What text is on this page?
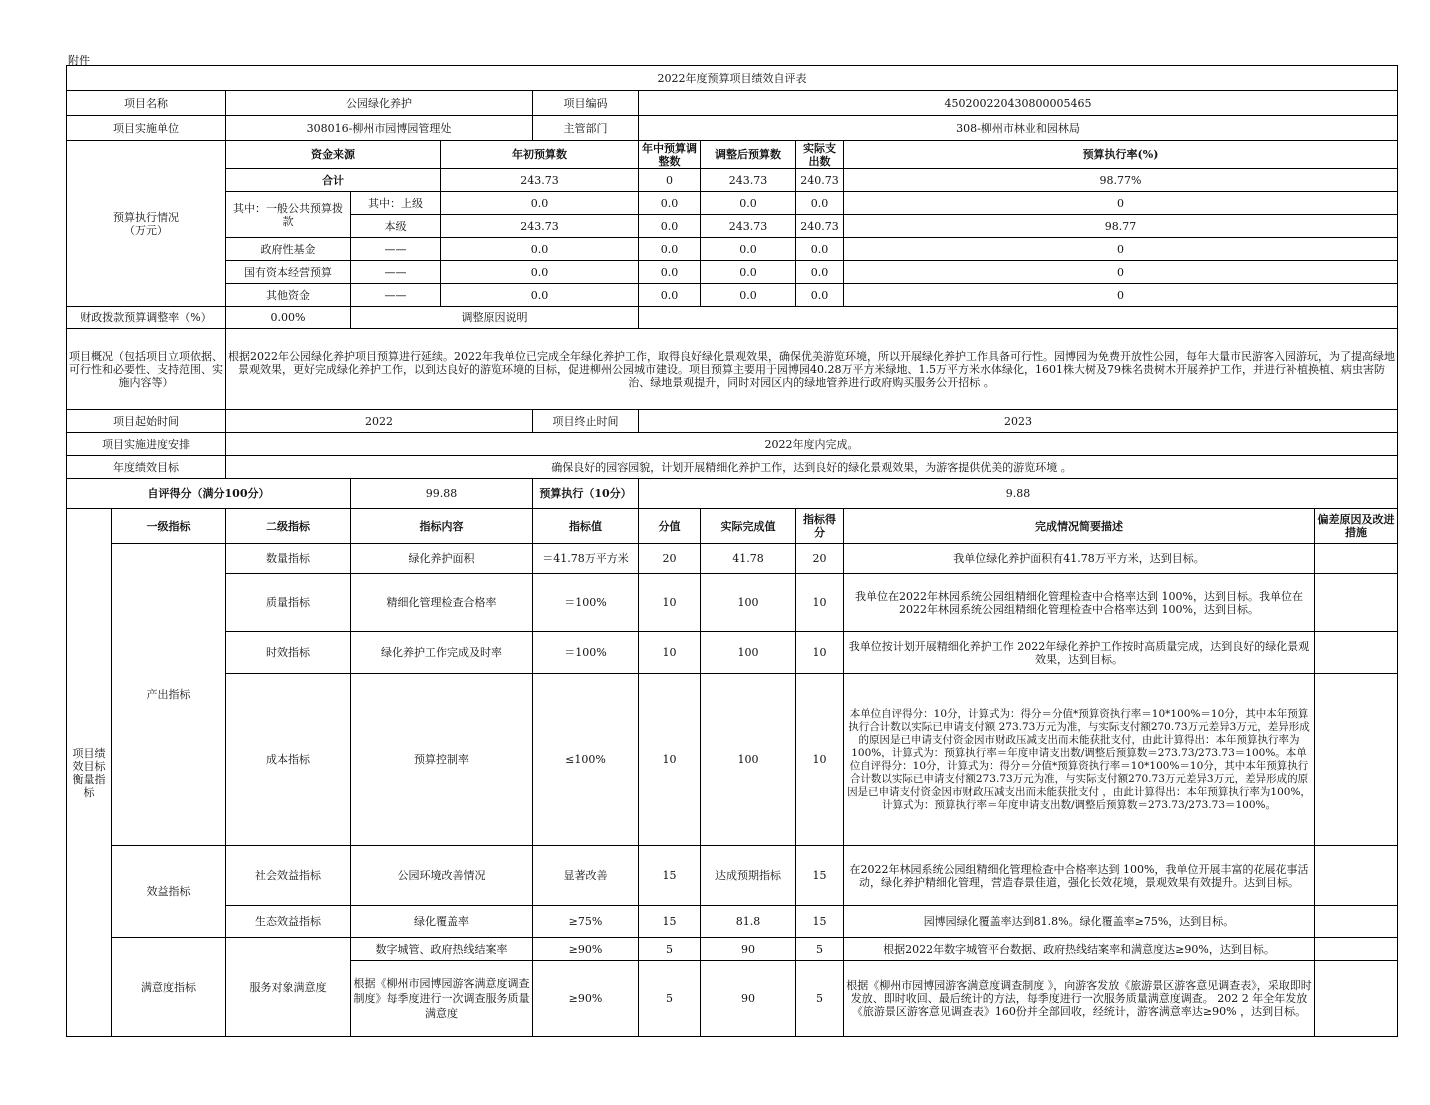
附件
2022年度预算项目绩效自评表										
项目名称		公园绿化养护			项目编码	450200220430800005465				
项目实施单位		308016-柳州市园博园管理处			主管部门	308-柳州市林业和园林局				
预算执行情况
（万元）		资金来源		年初预算数		年中预算调整数	调整后预算数	实际支出数	预算执行率(%)	
		合计		243.73		0	243.73	240.73	98.77%	
		其中：一般公共预算拨款	其中：上级	0.0		0.0	0.0	0.0	0	
			本级	243.73		0.0	243.73	240.73	98.77	
		政府性基金	——	0.0		0.0	0.0	0.0	0	
		国有资本经营预算	——	0.0		0.0	0.0	0.0	0	
		其他资金	——	0.0		0.0	0.0	0.0	0	
财政拨款预算调整率（%）		0.00%	调整原因说明							
项目概况（包括项目立项依据、可行性和必要性、支持范围、实施内容等）		根据2022年公园绿化养护项目预算进行延续。2022年我单位已完成全年绿化养护工作，取得良好绿化景观效果，确保优美游览环境，所以开展绿化养护工作具备可行性。园博园为免费开放性公园，每年大量市民游客入园游玩，为了提高绿地景观效果，更好完成绿化养护工作，以到达良好的游览环境的目标，促进柳州公园城市建设。项目预算主要用于园博园40.28万平方米绿地、1.5万平方米水体绿化，1601株大树及79株名贵树木开展养护工作，并进行补植换植、病虫害防治、绿地景观提升，同时对园区内的绿地管养进行政府购买服务公开招标 。								
项目起始时间		2022			项目终止时间	2023				
项目实施进度安排		2022年度内完成。								
年度绩效目标		确保良好的园容园貌，计划开展精细化养护工作，达到良好的绿化景观效果，为游客提供优美的游览环境 。								
自评得分（满分100分）			99.88		预算执行（10分）	9.88				
项目绩效目标衡量指标	一级指标	二级指标	指标内容		指标值	分值	实际完成值	指标得分	完成情况简要描述	偏差原因及改进措施
	产出指标	数量指标	绿化养护面积		＝41.78万平方米	20	41.78	20	我单位绿化养护面积有41.78万平方米，达到目标。	
		质量指标	精细化管理检查合格率		＝100%	10	100	10	我单位在2022年林园系统公园组精细化管理检查中合格率达到 100%，达到目标。我单位在2022年林园系统公园组精细化管理检查中合格率达到 100%，达到目标。	
		时效指标	绿化养护工作完成及时率		＝100%	10	100	10	我单位按计划开展精细化养护工作 2022年绿化养护工作按时高质量完成，达到良好的绿化景观效果，达到目标。	
		成本指标	预算控制率		≤100%	10	100	10	本单位自评得分：10分，计算式为：得分＝分值*预算资执行率＝10*100%＝10分，其中本年预算执行合计数以实际已申请支付额 273.73万元为准，与实际支付额270.73万元差异3万元，差异形成的原因是已申请支付资金因市财政压减支出而未能获批支付，由此计算得出：本年预算执行率为100%，计算式为：预算执行率＝年度申请支出数/调整后预算数＝273.73/273.73＝100%。本单位自评得分：10分，计算式为：得分＝分值*预算资执行率＝10*100%＝10分，其中本年预算执行合计数以实际已申请支付额273.73万元为准，与实际支付额270.73万元差异3万元，差异形成的原因是已申请支付资金因市财政压减支出而未能获批支付 ，由此计算得出：本年预算执行率为100%，计算式为：预算执行率＝年度申请支出数/调整后预算数＝273.73/273.73＝100%。	
	效益指标	社会效益指标	公园环境改善情况		显著改善	15	达成预期指标	15	在2022年林园系统公园组精细化管理检查中合格率达到 100%，我单位开展丰富的花展花事活动，绿化养护精细化管理，营造春景佳道，强化长效花境，景观效果有效提升。达到目标。	
		生态效益指标	绿化覆盖率		≥75%	15	81.8	15	园博园绿化覆盖率达到81.8%。绿化覆盖率≥75%，达到目标。	
	满意度指标	服务对象满意度	数字城管、政府热线结案率		≥90%	5	90	5	根据2022年数字城管平台数据、政府热线结案率和满意度达≥90%，达到目标。	
			根据《柳州市园博园游客满意度调查制度》每季度进行一次调查服务质量满意度		≥90%	5	90	5	根据《柳州市园博园游客满意度调查制度 》，向游客发放《旅游景区游客意见调查表》，采取即时发放、即时收回、最后统计的方法，每季度进行一次服务质量满意度调查。 202 2 年全年发放《旅游景区游客意见调查表》160份并全部回收，经统计，游客满意率达≥90% ，达到目标。	
